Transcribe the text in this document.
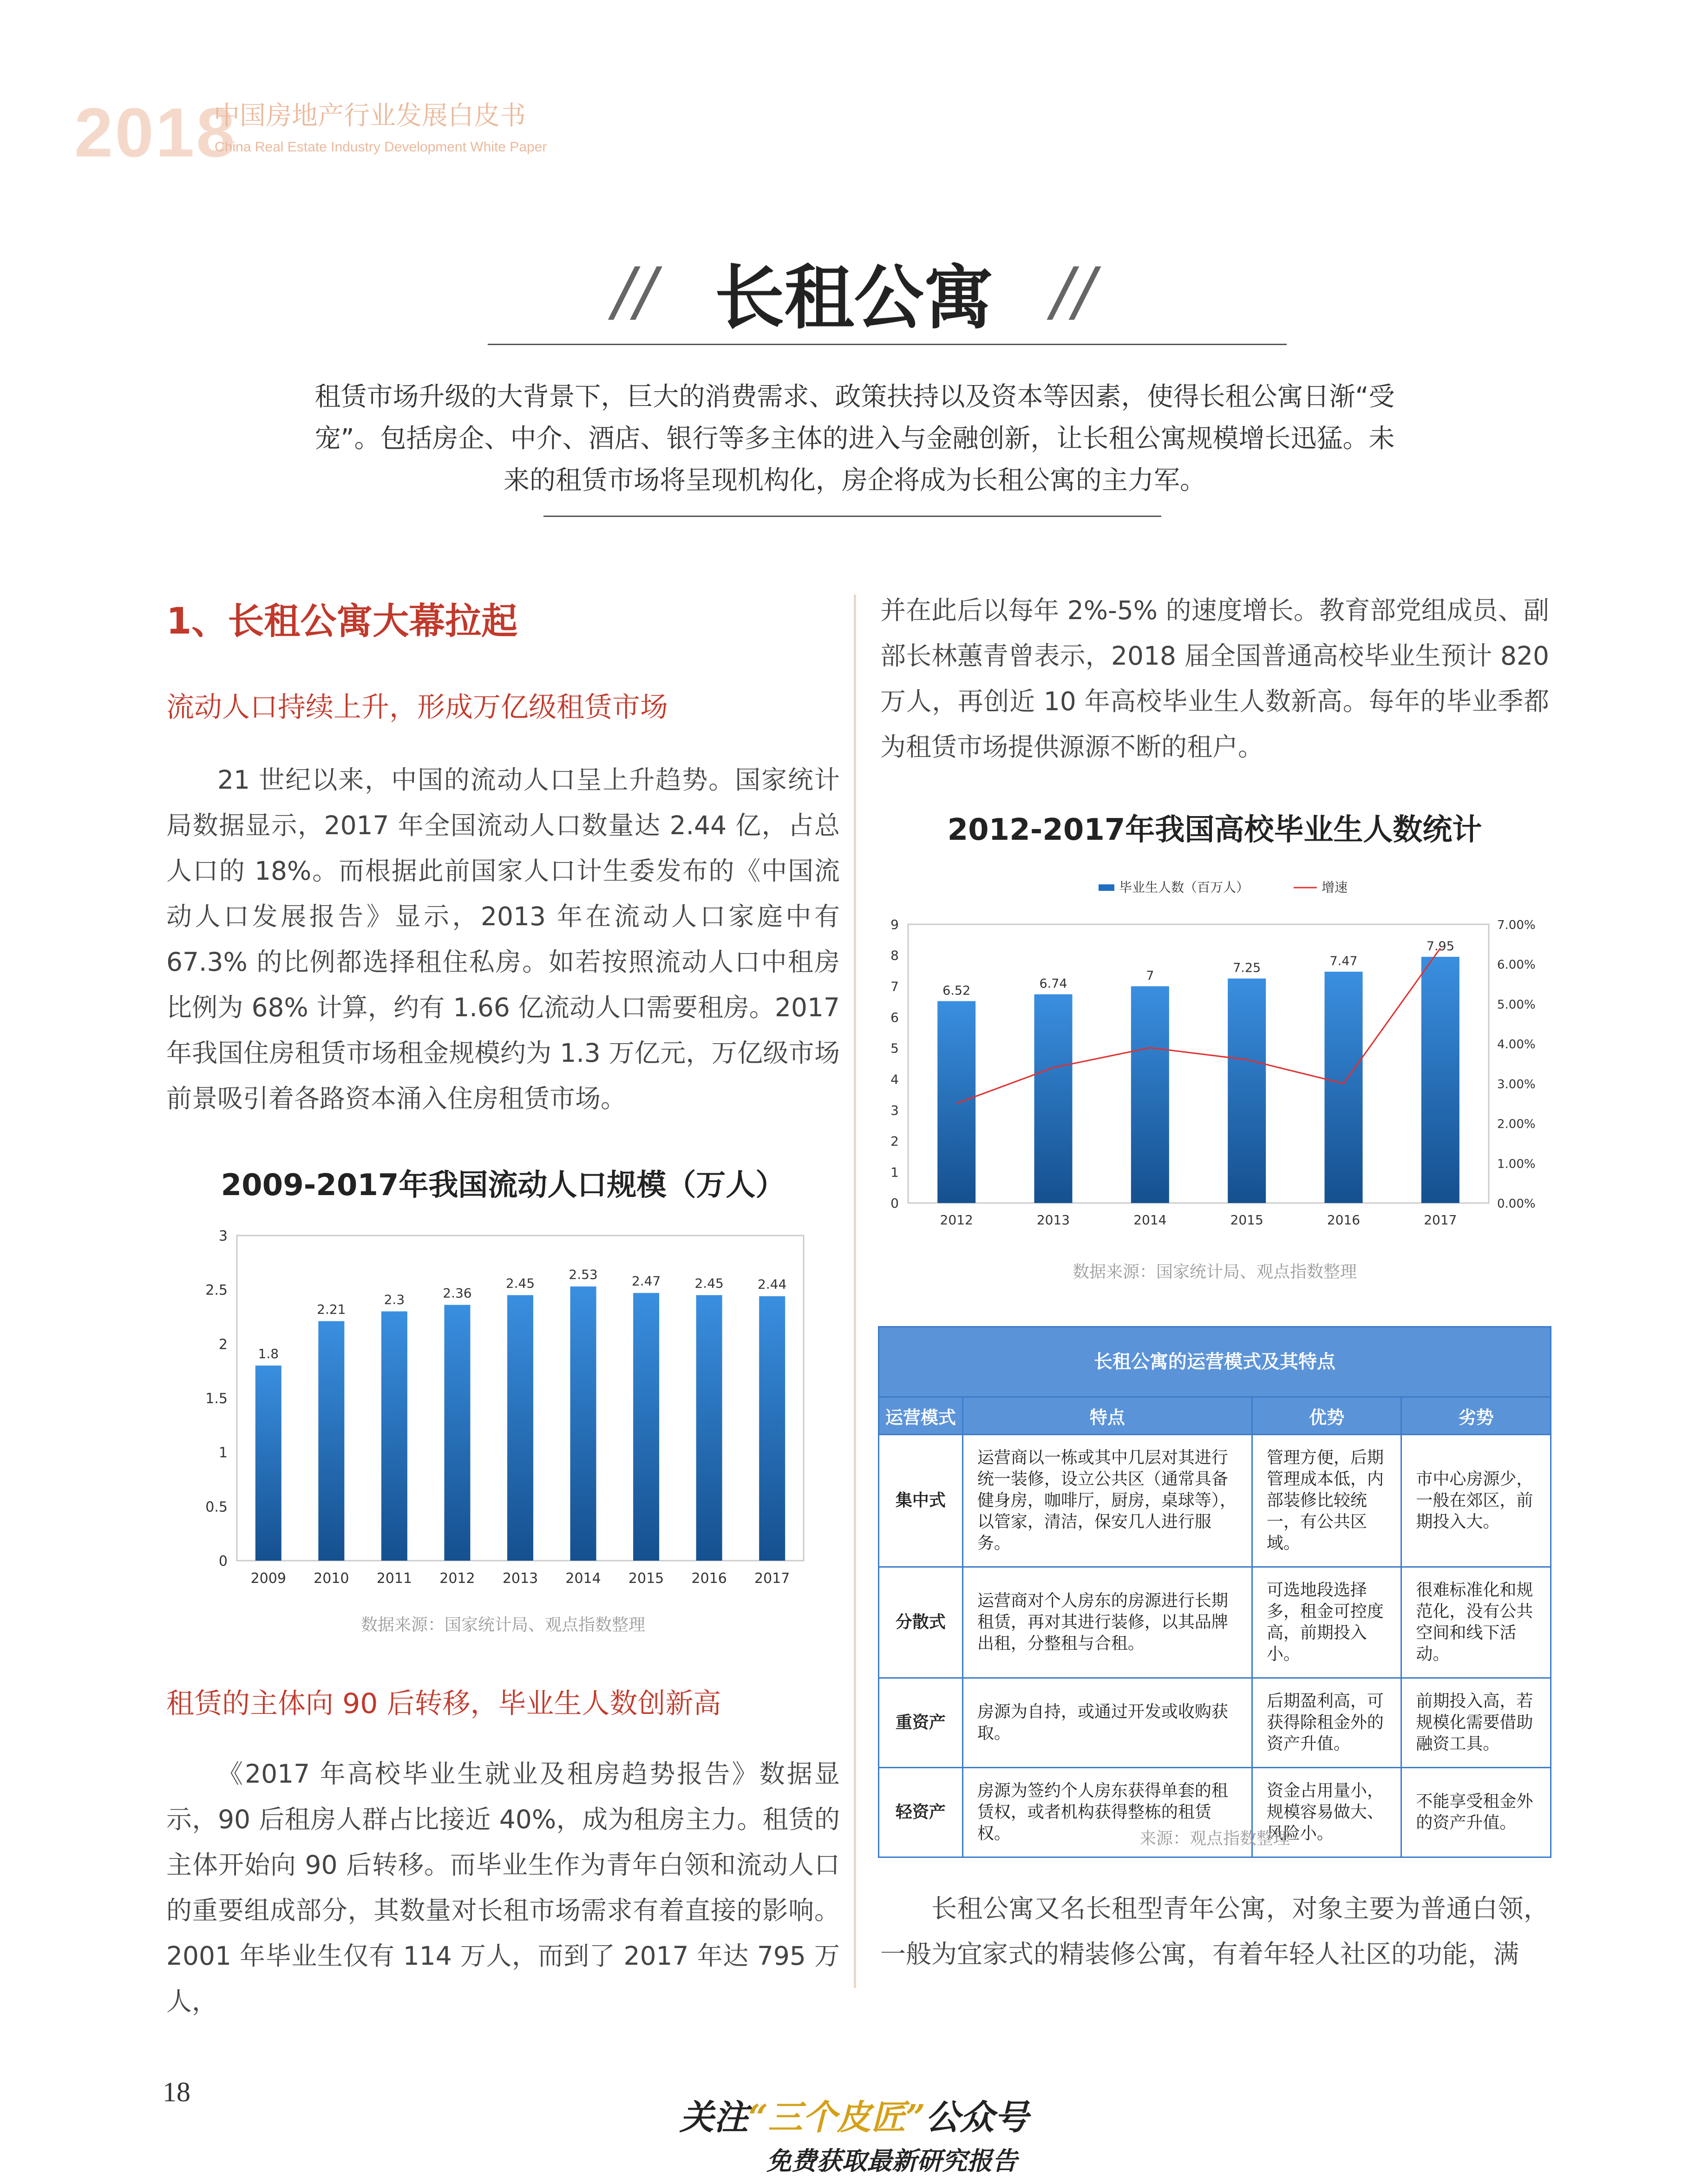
2018
中国房地产行业发展白皮书
China Real Estate Industry Development White Paper
// 长租公寓 //
租赁市场升级的大背景下，巨大的消费需求、政策扶持以及资本等因素，使得长租公寓日渐“受宠”。包括房企、中介、酒店、银行等多主体的进入与金融创新，让长租公寓规模增长迅猛。未来的租赁市场将呈现机构化，房企将成为长租公寓的主力军。
1、长租公寓大幕拉起
流动人口持续上升，形成万亿级租赁市场

21 世纪以来，中国的流动人口呈上升趋势。国家统计局数据显示，2017 年全国流动人口数量达 2.44 亿，占总人口的 18%。而根据此前国家人口计生委发布的《中国流动人口发展报告》显示，2013 年在流动人口家庭中有 67.3% 的比例都选择租住私房。如若按照流动人口中租房比例为 68% 计算，约有 1.66 亿流动人口需要租房。2017 年我国住房租赁市场租金规模约为 1.3 万亿元，万亿级市场前景吸引着各路资本涌入住房租赁市场。

2009-2017年我国流动人口规模（万人）
0
0.5
1
1.5
2
2.5
3
1.8
2009
2.21
2010
2.3
2011
2.36
2012
2.45
2013
2.53
2014
2.47
2015
2.45
2016
2.44
2017
数据来源：国家统计局、观点指数整理
租赁的主体向 90 后转移，毕业生人数创新高

《2017 年高校毕业生就业及租房趋势报告》数据显示，90 后租房人群占比接近 40%，成为租房主力。租赁的主体开始向 90 后转移。而毕业生作为青年白领和流动人口的重要组成部分，其数量对长租市场需求有着直接的影响。2001 年毕业生仅有 114 万人，而到了 2017 年达 795 万人，

并在此后以每年 2%-5% 的速度增长。教育部党组成员、副部长林蕙青曾表示，2018 届全国普通高校毕业生预计 820 万人，再创近 10 年高校毕业生人数新高。每年的毕业季都为租赁市场提供源源不断的租户。

2012-2017年我国高校毕业生人数统计
毕业生人数（百万人）	增速
0
1
2
3
4
5
6
7
8
9
0.00%
1.00%
2.00%
3.00%
4.00%
5.00%
6.00%
7.00%
6.52
2012
6.74
2013
7
2014
7.25
2015
7.47
2016
7.95
2017
数据来源：国家统计局、观点指数整理
长租公寓的运营模式及其特点			
运营模式	特点	优势	劣势
集中式	运营商以一栋或其中几层对其进行统一装修，设立公共区（通常具备健身房，咖啡厅，厨房，桌球等），以管家，清洁，保安几人进行服务。	管理方便，后期管理成本低，内部装修比较统一，有公共区域。	市中心房源少，一般在郊区，前期投入大。
分散式	运营商对个人房东的房源进行长期租赁，再对其进行装修，以其品牌出租，分整租与合租。	可选地段选择多，租金可控度高，前期投入小。	很难标准化和规范化，没有公共空间和线下活动。
重资产	房源为自持，或通过开发或收购获取。	后期盈利高，可获得除租金外的资产升值。	前期投入高，若规模化需要借助融资工具。
轻资产	房源为签约个人房东获得单套的租赁权，或者机构获得整栋的租赁权。	资金占用量小，规模容易做大、风险小。	不能享受租金外的资产升值。
来源：观点指数整理

长租公寓又名长租型青年公寓，对象主要为普通白领，一般为宜家式的精装修公寓，有着年轻人社区的功能，满

18
关注“三个皮匠”公众号
免费获取最新研究报告
